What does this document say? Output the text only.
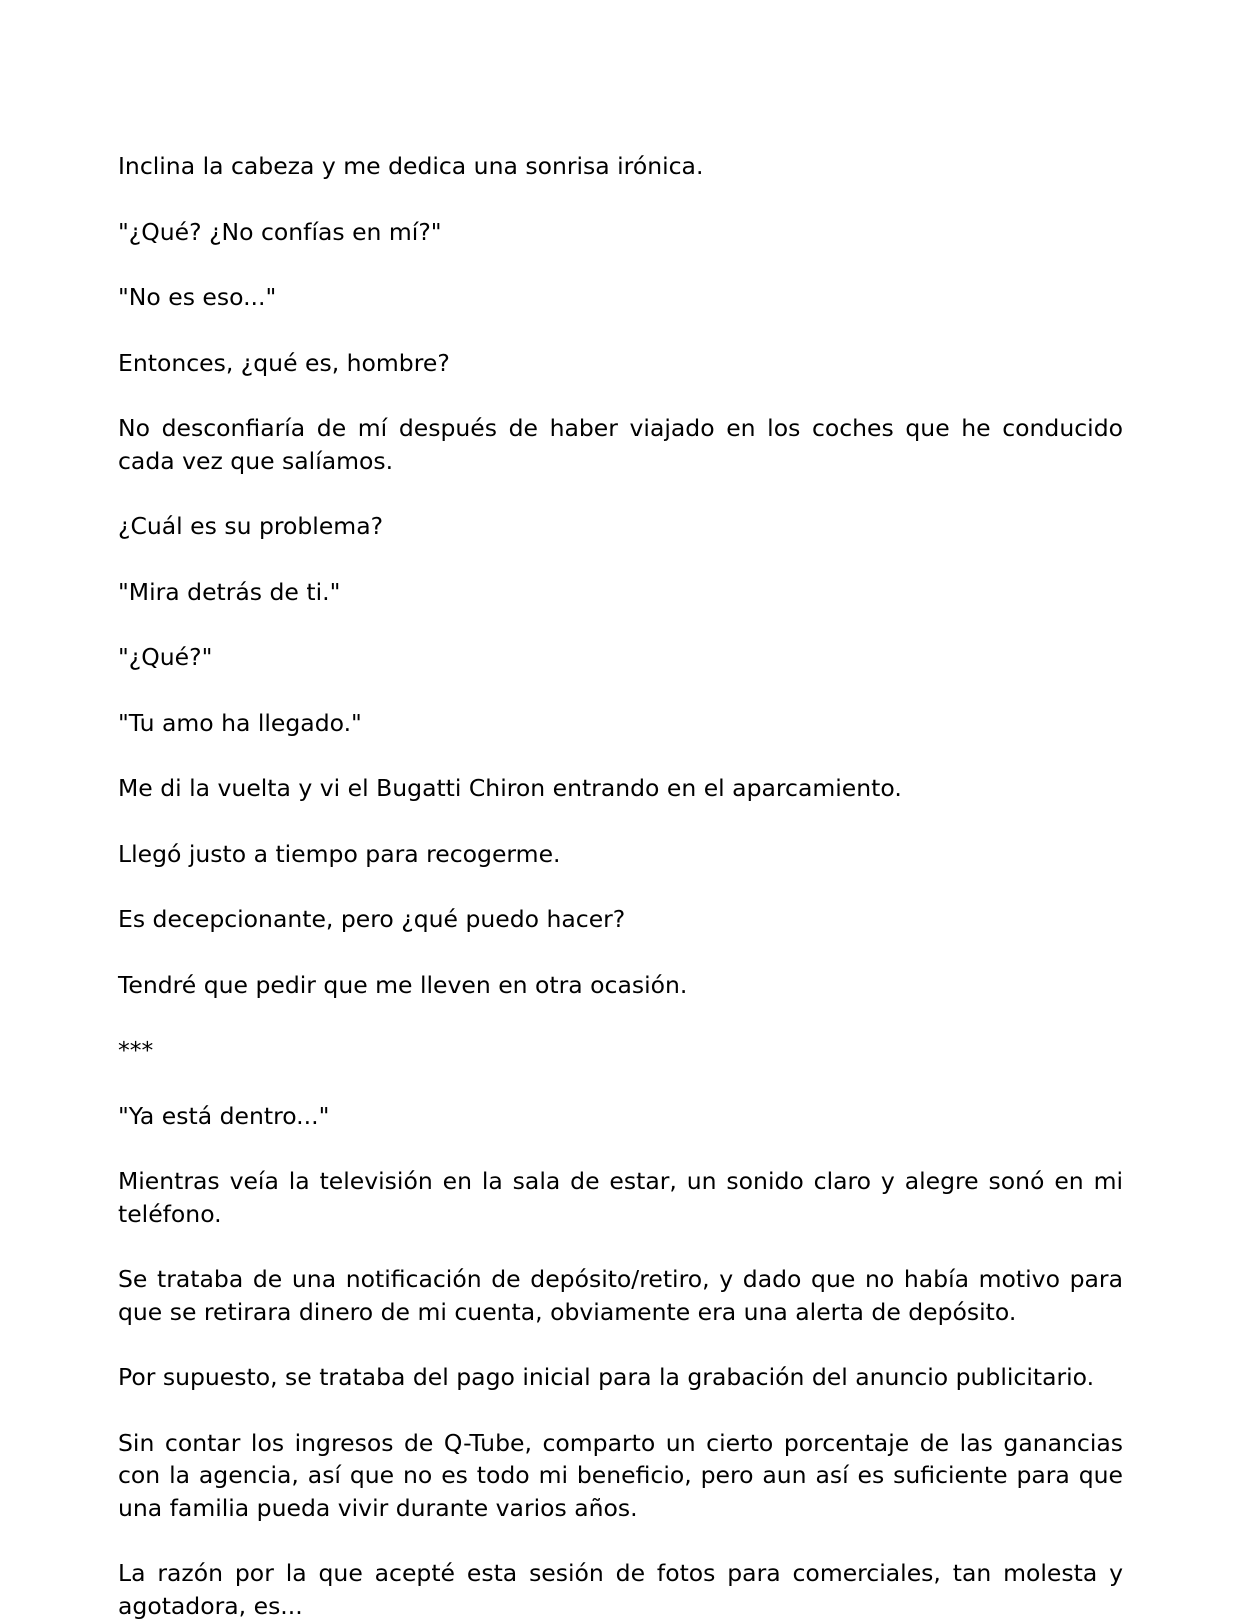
Inclina la cabeza y me dedica una sonrisa irónica.

"¿Qué? ¿No confías en mí?"

"No es eso..."

Entonces, ¿qué es, hombre?

No desconfiaría de mí después de haber viajado en los coches que he conducido cada vez que salíamos.

¿Cuál es su problema?

"Mira detrás de ti."

"¿Qué?"

"Tu amo ha llegado."

Me di la vuelta y vi el Bugatti Chiron entrando en el aparcamiento.

Llegó justo a tiempo para recogerme.

Es decepcionante, pero ¿qué puedo hacer?

Tendré que pedir que me lleven en otra ocasión.

***

"Ya está dentro..."

Mientras veía la televisión en la sala de estar, un sonido claro y alegre sonó en mi teléfono.

Se trataba de una notificación de depósito/retiro, y dado que no había motivo para que se retirara dinero de mi cuenta, obviamente era una alerta de depósito.

Por supuesto, se trataba del pago inicial para la grabación del anuncio publicitario.

Sin contar los ingresos de Q-Tube, comparto un cierto porcentaje de las ganancias con la agencia, así que no es todo mi beneficio, pero aun así es suficiente para que una familia pueda vivir durante varios años.

La razón por la que acepté esta sesión de fotos para comerciales, tan molesta y agotadora, es...
